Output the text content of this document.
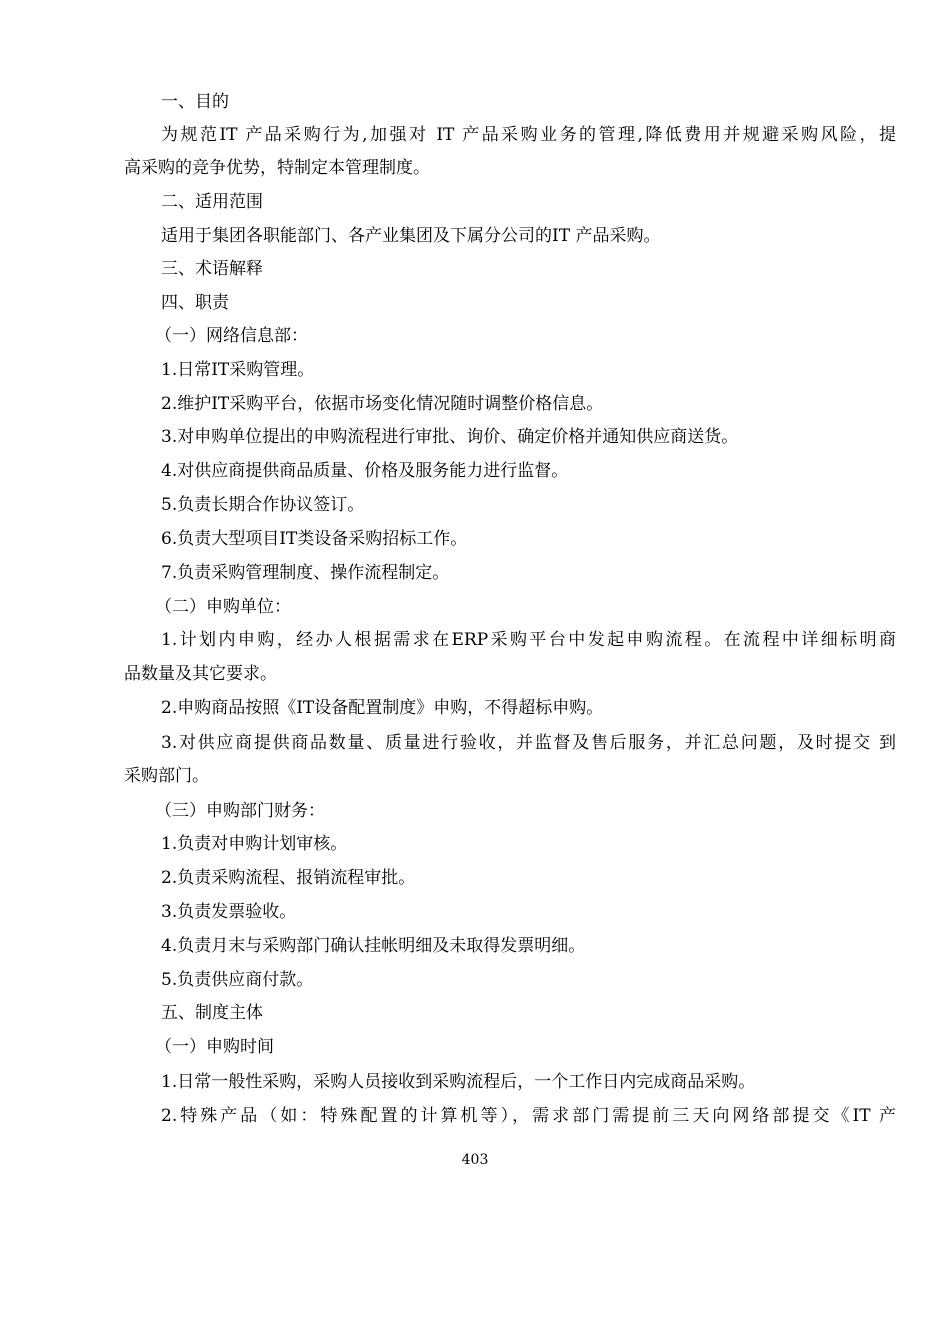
一、目的
为规范IT 产品采购行为,加强对 IT 产品采购业务的管理,降低费用并规避采购风险，提
高采购的竞争优势，特制定本管理制度。
二、适用范围
适用于集团各职能部门、各产业集团及下属分公司的IT 产品采购。
三、术语解释
四、职责
（一）网络信息部：
1.日常IT采购管理。
2.维护IT采购平台，依据市场变化情况随时调整价格信息。
3.对申购单位提出的申购流程进行审批、询价、确定价格并通知供应商送货。
4.对供应商提供商品质量、价格及服务能力进行监督。
5.负责长期合作协议签订。
6.负责大型项目IT类设备采购招标工作。
7.负责采购管理制度、操作流程制定。
（二）申购单位：
1.计划内申购，经办人根据需求在ERP采购平台中发起申购流程。在流程中详细标明商
品数量及其它要求。
2.申购商品按照《IT设备配置制度》申购，不得超标申购。
3.对供应商提供商品数量、质量进行验收，并监督及售后服务，并汇总问题，及时提交 到
采购部门。
（三）申购部门财务：
1.负责对申购计划审核。
2.负责采购流程、报销流程审批。
3.负责发票验收。
4.负责月末与采购部门确认挂帐明细及未取得发票明细。
5.负责供应商付款。
五、制度主体
（一）申购时间
1.日常一般性采购，采购人员接收到采购流程后，一个工作日内完成商品采购。
2.特殊产品（如：特殊配置的计算机等），需求部门需提前三天向网络部提交《IT 产
403
